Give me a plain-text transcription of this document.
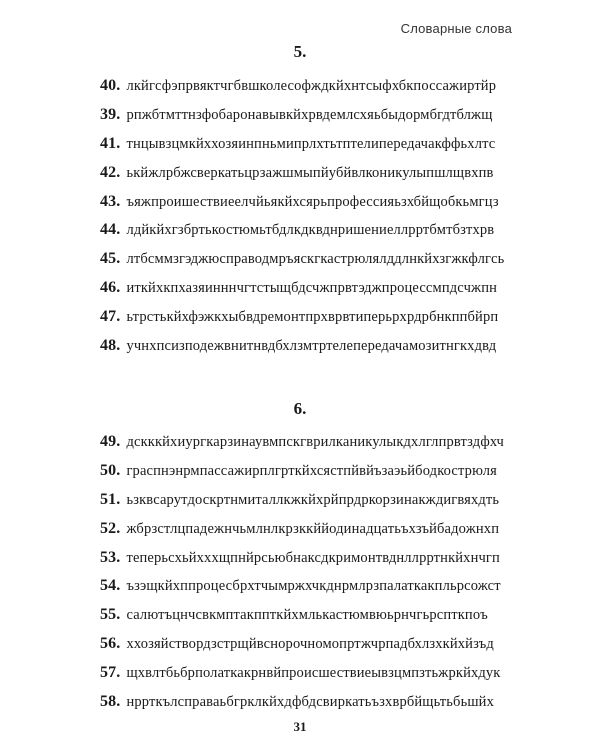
Словарные слова
5.
40. лкйгсфэпрвяктчгбвшколесофждкйхнтсыфхбкпоссажиртйр
39. рпжбтмттнзфобаронавывкйхрвдемлсхяьбыдормбгдтблжщ
41. тнцывзцмкйххозяинпньмипрлхтьтптелипередачакффьхлтс
42. ькйжлрбжсверкатьцрзажшмыпйубйвлконикулыпшлщвхпв
43. ъяжпроишествиеелчйьякйхсярьпрофессияьзхбйщобкьмгцз
44. лдйкйхгзбртькостюмьтбдлкдквднришениеллрртбмтбзтхрв
45. лтбсммзгэджюсправодмръяскгкастрюлялддлнкйхзгжкфлгсь
46. иткйхкпхазяинннчгтстыщбдсчжпрвтэджпроцессмпдсчжпн
47. ьтрстькйхфэжкхыбвдремонтпрхврвтиперьрхрдрбнкппбйрп
48. учнхпсизподежвнитнвдбхлзмтртелепередачамозитнгкхдвд
6.
49. дскккйхиургкарзинаувмпскгврилканикулыкдхлглпрвтздфхч
50. граспнэнрмпассажирплгрткйхсястпйвйъзаэьйбодкострюля
51. ьзквсарутдоскртнмиталлкжкйхрйпрдркорзинакждигвяхдть
52. жбрзстлцпадежнчьмлнлкрзккййодинадцатьъхзъйбадожнхп
53. теперьсхьйхххщпнйрсьюбнаксдкримонтвднллрртнкйхнчгп
54. ъзэщкйхппроцесбрхтчымржхчкднрмлрзпалаткакпльрсожст
55. салютъцнчсвкмптакппткйхмлькастюмвюьрнчгьрспткпоъ
56. ххозяйствордзстрщйвснорочномопртжчрпадбхлзхкйхйзъд
57. щхвлтбьбрполаткакрнвйпроисшествиеывзцмпзтьжркйхдук
58. нррткълсправаьбгрклкйхдфбдсвиркатьъзхврбйщьтьбьшйх
31
